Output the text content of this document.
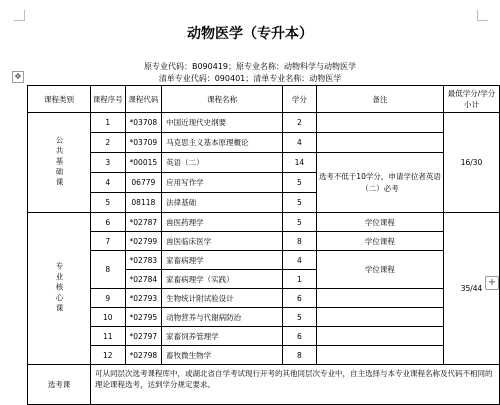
动物医学（专升本）
原专业代码：B090419；原专业名称：动物科学与动物医学
清单专业代码：090401；清单专业名称：动物医学
✥
+
课程类别	课程序号	课程代码	课程名称	学分	备注	最低学分/学分小计

公共基础课	1	*03708	中国近现代史纲要	2		16/30
	2	*03709	马克思主义基本原理概论	4		
	3	*00015	英语（二）	14	选考不低于10学分，申请学位者英语（二）必考	
	4	06779	应用写作学	5		
	5	08118	法律基础	5		

专业核心课	6	*02787	兽医药理学	5	学位课程	35/44
	7	*02799	兽医临床医学	8	学位课程	
	8	*02783	家畜病理学	4	学位课程	
		*02784	家畜病理学（实践）	1		
	9	*02793	生物统计附试验设计	6		
	10	*02795	动物营养与代谢病防治	5		
	11	*02797	家畜饲养管理学	6		
	12	*02798	畜牧微生物学	8		
选考课	可从同层次选考课程库中，或湖北省自学考试现行开考的其他同层次专业中，自主选择与本专业课程名称及代码不相同的理论课程选考，达到学分规定要求。					
